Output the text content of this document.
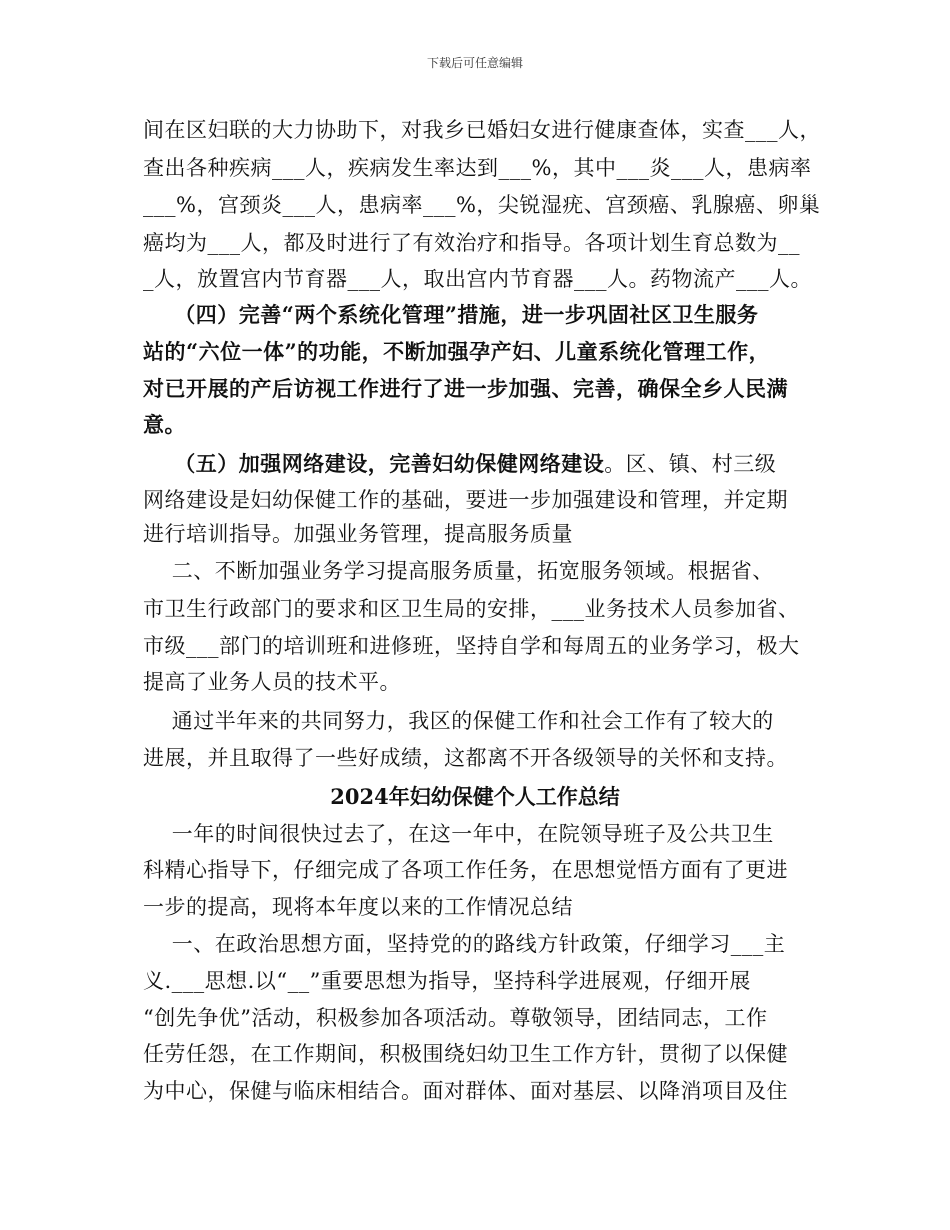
下载后可任意编辑
间在区妇联的大力协助下，对我乡已婚妇女进行健康查体，实查___人，
查出各种疾病___人，疾病发生率达到___%，其中___炎___人，患病率
___%，宫颈炎___人，患病率___%，尖锐湿疣、宫颈癌、乳腺癌、卵巢
癌均为___人，都及时进行了有效治疗和指导。各项计划生育总数为__
_人，放置宫内节育器___人，取出宫内节育器___人。药物流产___人。
（四）完善“两个系统化管理”措施，进一步巩固社区卫生服务
站的“六位一体”的功能，不断加强孕产妇、儿童系统化管理工作，
对已开展的产后访视工作进行了进一步加强、完善，确保全乡人民满
意。
（五）加强网络建设，完善妇幼保健网络建设。区、镇、村三级
网络建设是妇幼保健工作的基础，要进一步加强建设和管理，并定期
进行培训指导。加强业务管理，提高服务质量
二、不断加强业务学习提高服务质量，拓宽服务领域。根据省、
市卫生行政部门的要求和区卫生局的安排，___业务技术人员参加省、
市级___部门的培训班和进修班，坚持自学和每周五的业务学习，极大
提高了业务人员的技术平。
通过半年来的共同努力，我区的保健工作和社会工作有了较大的
进展，并且取得了一些好成绩，这都离不开各级领导的关怀和支持。
2024年妇幼保健个人工作总结
一年的时间很快过去了，在这一年中，在院领导班子及公共卫生
科精心指导下，仔细完成了各项工作任务，在思想觉悟方面有了更进
一步的提高，现将本年度以来的工作情况总结
一、在政治思想方面，坚持党的的路线方针政策，仔细学习___主
义.___思想.以“__”重要思想为指导，坚持科学进展观，仔细开展
“创先争优”活动，积极参加各项活动。尊敬领导，团结同志，工作
任劳任怨，在工作期间，积极围绕妇幼卫生工作方针，贯彻了以保健
为中心，保健与临床相结合。面对群体、面对基层、以降消项目及住
